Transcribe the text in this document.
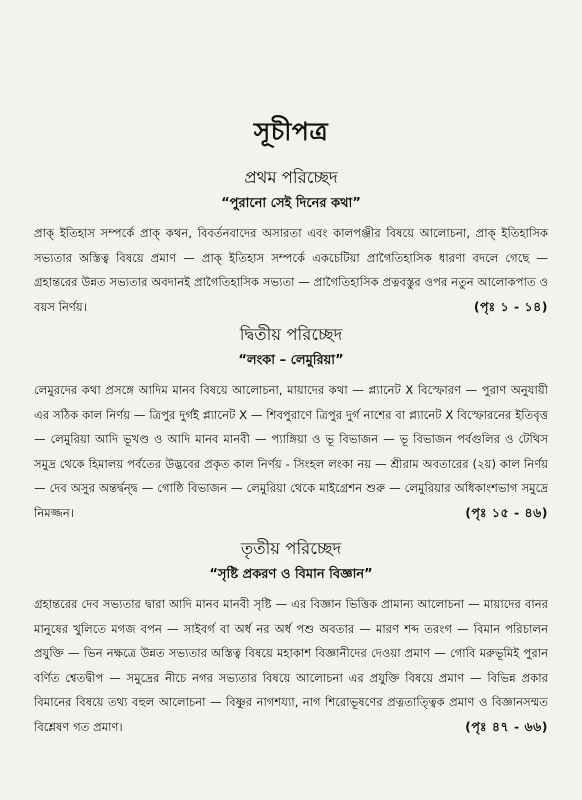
সূচীপত্র
প্রথম পরিচ্ছেদ
“পুরানো সেই দিনের কথা”
প্রাক্ ইতিহাস সম্পর্কে প্রাক্ কথন, বিবর্তনবাদের অসারতা এবং কালপঞ্জীর বিষয়ে আলোচনা, প্রাক্ ইতিহাসিক সভ্যতার অস্তিত্ব বিষয়ে প্রমাণ — প্রাক্ ইতিহাস সম্পর্কে একচেটিয়া প্রাগৈতিহাসিক ধারণা বদলে গেছে — গ্রহান্তরের উন্নত সভ্যতার অবদানই প্রাগৈতিহাসিক সভ্যতা — প্রাগৈতিহাসিক প্রত্নবস্তুর ওপর নতুন আলোকপাত ও বয়স নির্ণয়।	( পৃঃ ১ - ১৪ )
দ্বিতীয় পরিচ্ছেদ
“লংকা – লেমুরিয়া”
লেমুরদের কথা প্রসঙ্গে আদিম মানব বিষয়ে আলোচনা, মায়াদের কথা — প্ল্যানেট X বিস্ফোরণ — পুরাণ অনুযায়ী এর সঠিক কাল নির্ণয় — ত্রিপুর দুর্গই প্ল্যানেট X — শিবপুরাণে ত্রিপুর দুর্গ নাশের বা প্ল্যানেট X বিস্ফোরনের ইতিবৃত্ত — লেমুরিয়া আদি ভূখণ্ড ও আদি মানব মানবী — প্যাঙ্গিয়া ও ভূ বিভাজন — ভূ বিভাজন পর্বগুলির ও টেথিস সমুদ্র থেকে হিমালয় পর্বতের উদ্ভবের প্রকৃত কাল নির্ণয় - সিংহল লংকা নয় — শ্রীরাম অবতারের (২য়) কাল নির্ণয় — দেব অসুর অন্তর্দ্বন্দ্ব — গোষ্ঠি বিভাজন — লেমুরিয়া থেকে মাইগ্রেশন শুরু — লেমুরিয়ার অধিকাংশভাগ সমুদ্রে নিমজ্জন।	( পৃঃ ১৫ - ৪৬ )
তৃতীয় পরিচ্ছেদ
“সৃষ্টি প্রকরণ ও বিমান বিজ্ঞান”
গ্রহান্তরের দেব সভ্যতার দ্বারা আদি মানব মানবী সৃষ্টি — এর বিজ্ঞান ভিত্তিক প্রামান্য আলোচনা — মায়াদের বানর মানুষের খুলিতে মগজ বপন — সাইবর্গ বা অর্ধ নর অর্ধ পশু অবতার — মারণ শব্দ তরংগ — বিমান পরিচালন প্রযুক্তি — ভিন নক্ষত্রে উন্নত সভ্যতার অস্তিত্ব বিষয়ে মহাকাশ বিজ্ঞানীদের দেওয়া প্রমাণ — গোবি মরুভূমিই পুরান বর্ণিত শ্বেতদ্বীপ — সমুদ্রের নীচে নগর সভ্যতার বিষয়ে আলোচনা এর প্রযুক্তি বিষয়ে প্রমাণ — বিভিন্ন প্রকার বিমানের বিষয়ে তথ্য বহুল আলোচনা — বিষ্ণুর নাগশয্যা, নাগ শিরোভূষণের প্রত্নতাত্ত্বিক প্রমাণ ও বিজ্ঞানসম্মত বিশ্লেষণ গত প্রমাণ।	( পৃঃ ৪৭ - ৬৬ )
